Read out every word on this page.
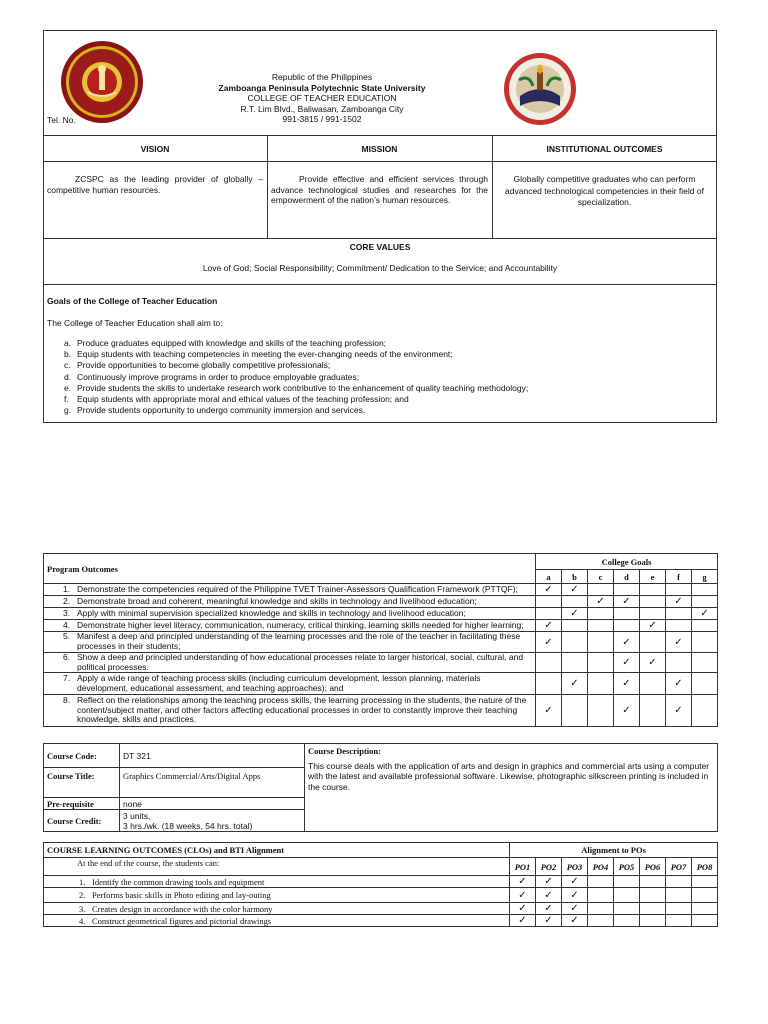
Republic of the Philippines
Zamboanga Peninsula Polytechnic State University
COLLEGE OF TEACHER EDUCATION
R.T. Lim Blvd., Baliwasan, Zamboanga City
991-3815 / 991-1502
Tel. No.
VISION	MISSION	INSTITUTIONAL OUTCOMES
ZCSPC as the leading provider of globally – competitive human resources.
Provide effective and efficient services through advance technological studies and researches for the empowerment of the nation’s human resources.
Globally competitive graduates who can perform advanced technological competencies in their field of specialization.
CORE VALUES
Love of God; Social Responsibility; Commitment/ Dedication to the Service; and Accountability
Goals of the College of Teacher Education
The College of Teacher Education shall aim to:
a. Produce graduates equipped with knowledge and skills of the teaching profession;
b. Equip students with teaching competencies in meeting the ever-changing needs of the environment;
c. Provide opportunities to become globally competitive professionals;
d. Continuously improve programs in order to produce employable graduates;
e. Provide students the skills to undertake research work contributive to the enhancement of quality teaching methodology;
f. Equip students with appropriate moral and ethical values of the teaching profession; and
g. Provide students opportunity to undergo community immersion and services.
Program Outcomes	College Goals						
	a	b	c	d	e	f	g

1. Demonstrate the competencies required of the Philippine TVET Trainer-Assessors Qualification Framework (PTTQF);	✓	✓					

2. Demonstrate broad and coherent, meaningful knowledge and skills in technology and livelihood education;			✓	✓		✓	

3. Apply with minimal supervision specialized knowledge and skills in technology and livelihood education;		✓					✓

4. Demonstrate higher level literacy, communication, numeracy, critical thinking, learning skills needed for higher learning;	✓				✓		

5. Manifest a deep and principled understanding of the learning processes and the role of the teacher in facilitating these processes in their students;	✓			✓		✓	

6. Show a deep and principled understanding of how educational processes relate to larger historical, social, cultural, and political processes.				✓	✓		

7. Apply a wide range of teaching process skills (including curriculum development, lesson planning, materials development, educational assessment, and teaching approaches); and		✓		✓		✓	

8. Reflect on the relationships among the teaching process skills, the learning processing in the students, the nature of the content/subject matter, and other factors affecting educational processes in order to constantly improve their teaching knowledge, skills and practices.	✓			✓		✓	
Course Code:	DT 321	Course Description:
This course deals with the application of arts and design in graphics and commercial arts using a computer with the latest and available professional software. Likewise, photographic silkscreen printing is included in the course.

Course Title:	Graphics Commercial/Arts/Digital Apps	
Pre-requisite	none	
Course Credit:	3 units,
3 hrs./wk. (18 weeks, 54 hrs. total)	
COURSE LEARNING OUTCOMES (CLOs) and BTI Alignment	Alignment to POs							
At the end of the course, the students can:	PO1	PO2	PO3	PO4	PO5	PO6	PO7	PO8
1. Identify the common drawing tools and equipment	✓	✓	✓					
2. Performs basic skills in Photo editing and lay-outing	✓	✓	✓					
3. Creates design in accordance with the color harmony	✓	✓	✓					
4. Construct geometrical figures and pictorial drawings	✓	✓	✓					
